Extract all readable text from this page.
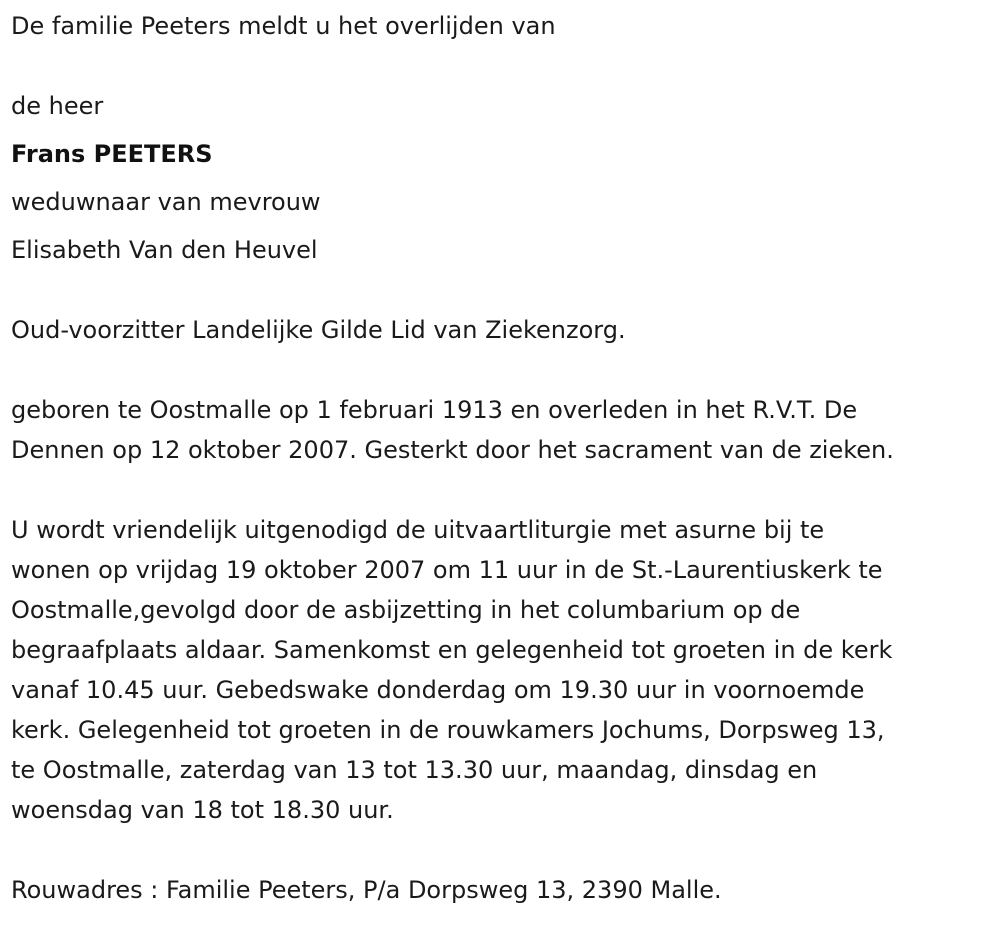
De familie Peeters meldt u het overlijden van

de heer

Frans PEETERS

weduwnaar van mevrouw

Elisabeth Van den Heuvel

Oud-voorzitter Landelijke Gilde Lid van Ziekenzorg.

geboren te Oostmalle op 1 februari 1913 en overleden in het R.V.T. De

Dennen op 12 oktober 2007. Gesterkt door het sacrament van de zieken.

U wordt vriendelijk uitgenodigd de uitvaartliturgie met asurne bij te

wonen op vrijdag 19 oktober 2007 om 11 uur in de St.-Laurentiuskerk te

Oostmalle,gevolgd door de asbijzetting in het columbarium op de

begraafplaats aldaar. Samenkomst en gelegenheid tot groeten in de kerk

vanaf 10.45 uur. Gebedswake donderdag om 19.30 uur in voornoemde

kerk. Gelegenheid tot groeten in de rouwkamers Jochums, Dorpsweg 13,

te Oostmalle, zaterdag van 13 tot 13.30 uur, maandag, dinsdag en

woensdag van 18 tot 18.30 uur.

Rouwadres : Familie Peeters, P/a Dorpsweg 13, 2390 Malle.
